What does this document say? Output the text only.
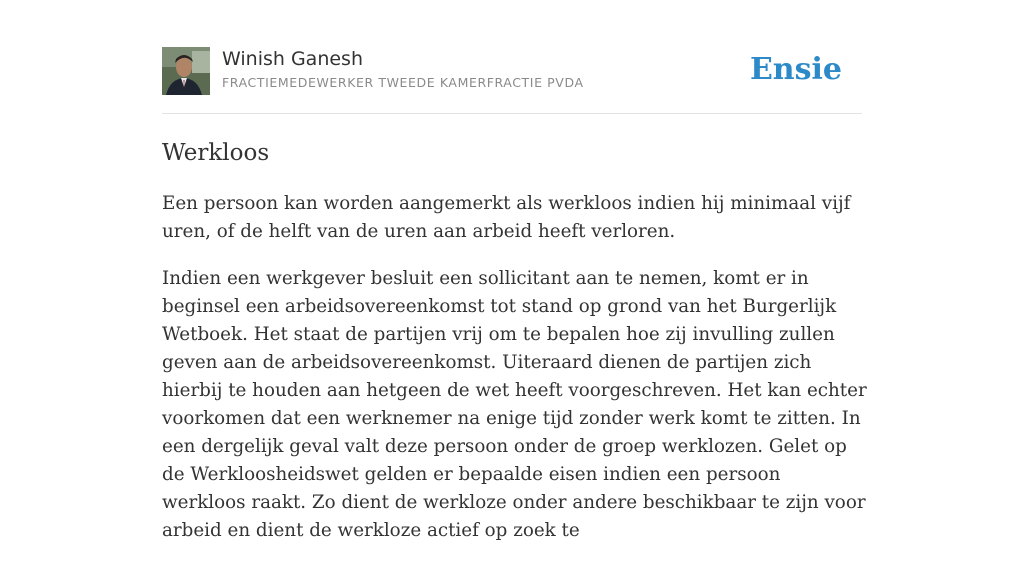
Winish Ganesh
FRACTIEMEDEWERKER TWEEDE KAMERFRACTIE PVDA	Ensie
Werkloos

Een persoon kan worden aangemerkt als werkloos indien hij minimaal vijf uren, of de helft van de uren aan arbeid heeft verloren.

Indien een werkgever besluit een sollicitant aan te nemen, komt er in beginsel een arbeidsovereenkomst tot stand op grond van het Burgerlijk Wetboek. Het staat de partijen vrij om te bepalen hoe zij invulling zullen geven aan de arbeidsovereenkomst. Uiteraard dienen de partijen zich hierbij te houden aan hetgeen de wet heeft voorgeschreven. Het kan echter voorkomen dat een werknemer na enige tijd zonder werk komt te zitten. In een dergelijk geval valt deze persoon onder de groep werklozen. Gelet op de Werkloosheidswet gelden er bepaalde eisen indien een persoon werkloos raakt. Zo dient de werkloze onder andere beschikbaar te zijn voor arbeid en dient de werkloze actief op zoek te
